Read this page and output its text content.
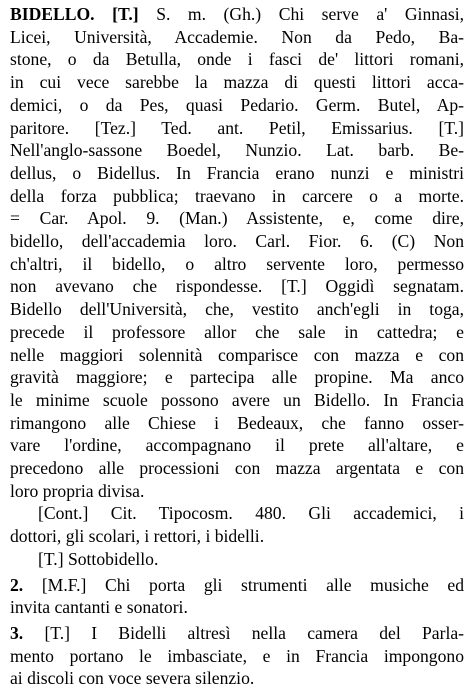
BIDELLO. [T.] S. m. (Gh.) Chi serve a' Ginnasi,
Licei, Università, Accademie. Non da Pedo, Ba-
stone, o da Betulla, onde i fasci de' littori romani,
in cui vece sarebbe la mazza di questi littori acca-
demici, o da Pes, quasi Pedario. Germ. Butel, Ap-
paritore. [Tez.] Ted. ant. Petil, Emissarius. [T.]
Nell'anglo-sassone Boedel, Nunzio. Lat. barb. Be-
dellus, o Bidellus. In Francia erano nunzi e ministri
della forza pubblica; traevano in carcere o a morte.
= Car. Apol. 9. (Man.) Assistente, e, come dire,
bidello, dell'accademia loro. Carl. Fior. 6. (C) Non
ch'altri, il bidello, o altro servente loro, permesso
non avevano che rispondesse. [T.] Oggidì segnatam.
Bidello dell'Università, che, vestito anch'egli in toga,
precede il professore allor che sale in cattedra; e
nelle maggiori solennità comparisce con mazza e con
gravità maggiore; e partecipa alle propine. Ma anco
le minime scuole possono avere un Bidello. In Francia
rimangono alle Chiese i Bedeaux, che fanno osser-
vare l'ordine, accompagnano il prete all'altare, e
precedono alle processioni con mazza argentata e con
loro propria divisa.
[Cont.] Cit. Tipocosm. 480. Gli accademici, i
dottori, gli scolari, i rettori, i bidelli.
[T.] Sottobidello.
2. [M.F.] Chi porta gli strumenti alle musiche ed
invita cantanti e sonatori.
3. [T.] I Bidelli altresì nella camera del Parla-
mento portano le imbasciate, e in Francia impongono
ai discoli con voce severa silenzio.
